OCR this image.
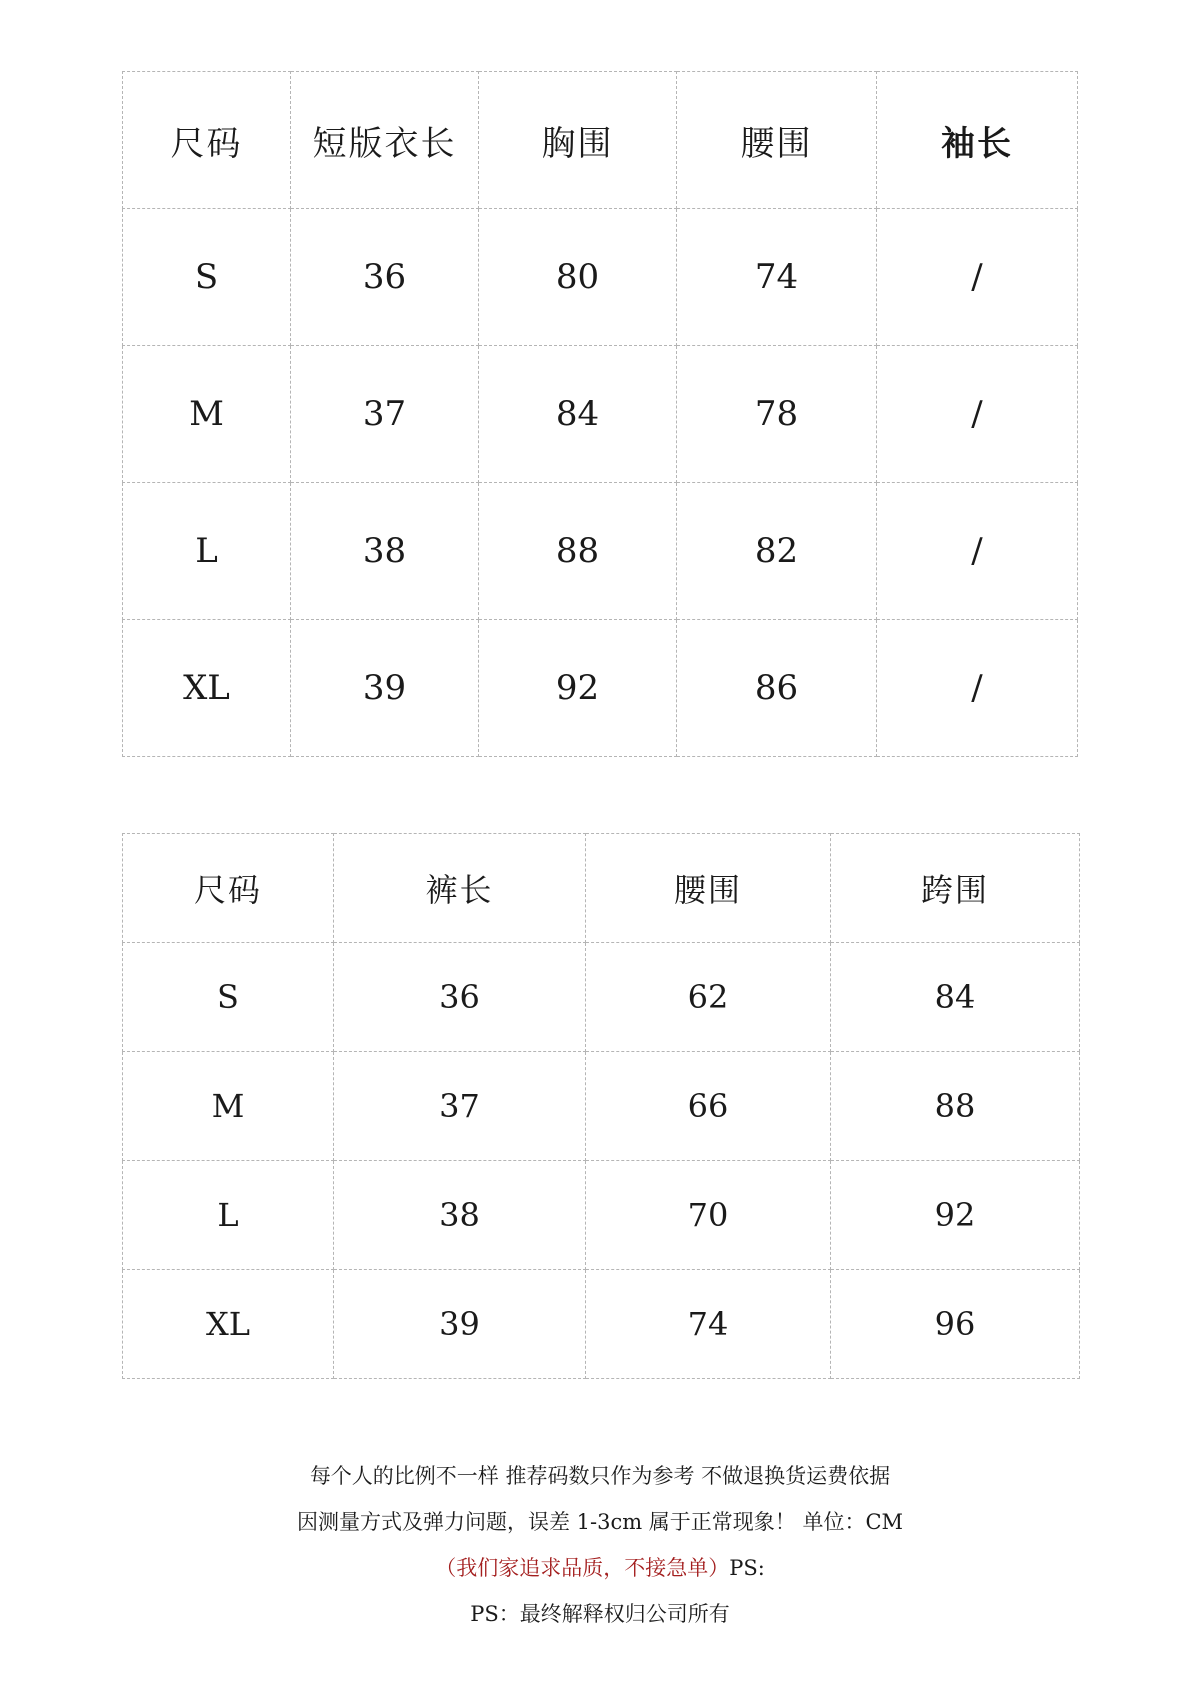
尺码	短版衣长	胸围	腰围	袖长
S	36	80	74	/
M	37	84	78	/
L	38	88	82	/
XL	39	92	86	/
尺码	裤长	腰围	跨围
S	36	62	84
M	37	66	88
L	38	70	92
XL	39	74	96
每个人的比例不一样 推荐码数只作为参考 不做退换货运费依据
因测量方式及弹力问题，误差 1-3cm 属于正常现象！ 单位：CM
（我们家追求品质，不接急单）PS:
PS：最终解释权归公司所有
